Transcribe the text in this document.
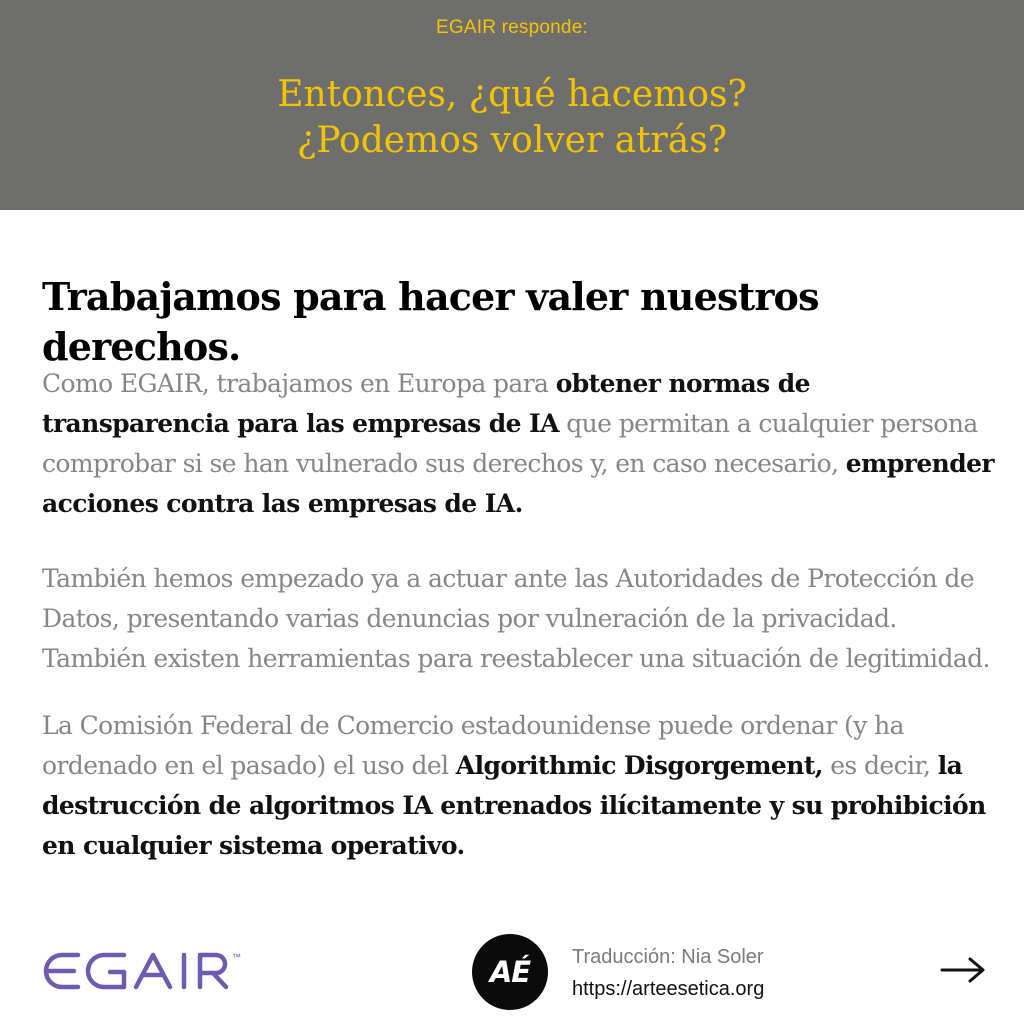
EGAIR responde:
Entonces, ¿qué hacemos?
¿Podemos volver atrás?
Trabajamos para hacer valer nuestros derechos.

Como EGAIR, trabajamos en Europa para obtener normas de transparencia para las empresas de IA que permitan a cualquier persona comprobar si se han vulnerado sus derechos y, en caso necesario, emprender acciones contra las empresas de IA.

También hemos empezado ya a actuar ante las Autoridades de Protección de Datos, presentando varias denuncias por vulneración de la privacidad. También existen herramientas para reestablecer una situación de legitimidad.

La Comisión Federal de Comercio estadounidense puede ordenar (y ha ordenado en el pasado) el uso del Algorithmic Disgorgement, es decir, la destrucción de algoritmos IA entrenados ilícitamente y su prohibición en cualquier sistema operativo.

™	AÉ	Traducción: Nia Soler
https://arteesetica.org
